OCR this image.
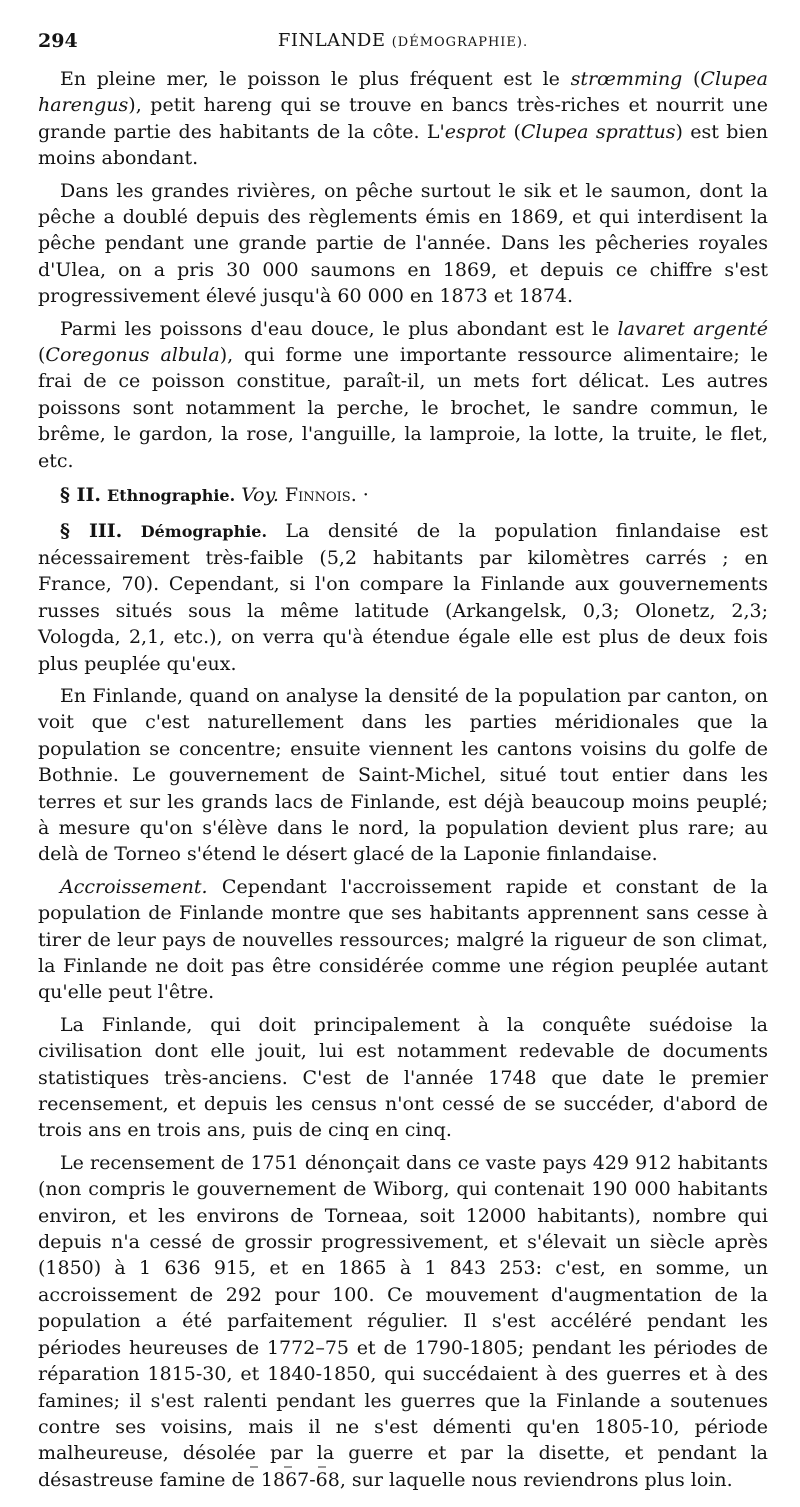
294	FINLANDE (DÉMOGRAPHIE).

En pleine mer, le poisson le plus fréquent est le strœmming (Clupea harengus), petit hareng qui se trouve en bancs très-riches et nourrit une grande partie des habitants de la côte. L'esprot (Clupea sprattus) est bien moins abondant.

Dans les grandes rivières, on pêche surtout le sik et le saumon, dont la pêche a doublé depuis des règlements émis en 1869, et qui interdisent la pêche pendant une grande partie de l'année. Dans les pêcheries royales d'Ulea, on a pris 30 000 saumons en 1869, et depuis ce chiffre s'est progressivement élevé jusqu'à 60 000 en 1873 et 1874.

Parmi les poissons d'eau douce, le plus abondant est le lavaret argenté (Coregonus albula), qui forme une importante ressource alimentaire; le frai de ce poisson constitue, paraît-il, un mets fort délicat. Les autres poissons sont notamment la perche, le brochet, le sandre commun, le brême, le gardon, la rose, l'anguille, la lamproie, la lotte, la truite, le flet, etc.

§ II. Ethnographie. Voy. Finnois. ·

§ III. Démographie. La densité de la population finlandaise est nécessairement très-faible (5,2 habitants par kilomètres carrés ; en France, 70). Cependant, si l'on compare la Finlande aux gouvernements russes situés sous la même latitude (Arkangelsk, 0,3; Olonetz, 2,3; Vologda, 2,1, etc.), on verra qu'à étendue égale elle est plus de deux fois plus peuplée qu'eux.

En Finlande, quand on analyse la densité de la population par canton, on voit que c'est naturellement dans les parties méridionales que la population se concentre; ensuite viennent les cantons voisins du golfe de Bothnie. Le gouvernement de Saint-Michel, situé tout entier dans les terres et sur les grands lacs de Finlande, est déjà beaucoup moins peuplé; à mesure qu'on s'élève dans le nord, la population devient plus rare; au delà de Torneo s'étend le désert glacé de la Laponie finlandaise.

Accroissement. Cependant l'accroissement rapide et constant de la population de Finlande montre que ses habitants apprennent sans cesse à tirer de leur pays de nouvelles ressources; malgré la rigueur de son climat, la Finlande ne doit pas être considérée comme une région peuplée autant qu'elle peut l'être.

La Finlande, qui doit principalement à la conquête suédoise la civilisation dont elle jouit, lui est notamment redevable de documents statistiques très-anciens. C'est de l'année 1748 que date le premier recensement, et depuis les census n'ont cessé de se succéder, d'abord de trois ans en trois ans, puis de cinq en cinq.

Le recensement de 1751 dénonçait dans ce vaste pays 429 912 habitants (non compris le gouvernement de Wiborg, qui contenait 190 000 habitants environ, et les environs de Torneaa, soit 12000 habitants), nombre qui depuis n'a cessé de grossir progressivement, et s'élevait un siècle après (1850) à 1 636 915, et en 1865 à 1 843 253: c'est, en somme, un accroissement de 292 pour 100. Ce mouvement d'augmentation de la population a été parfaitement régulier. Il s'est accéléré pendant les périodes heureuses de 1772–75 et de 1790-1805; pendant les périodes de réparation 1815-30, et 1840-1850, qui succédaient à des guerres et à des famines; il s'est ralenti pendant les guerres que la Finlande a soutenues contre ses voisins, mais il ne s'est démenti qu'en 1805-10, période malheureuse, désolée par la guerre et par la disette, et pendant la désastreuse famine de 1867-68, sur laquelle nous reviendrons plus loin.
